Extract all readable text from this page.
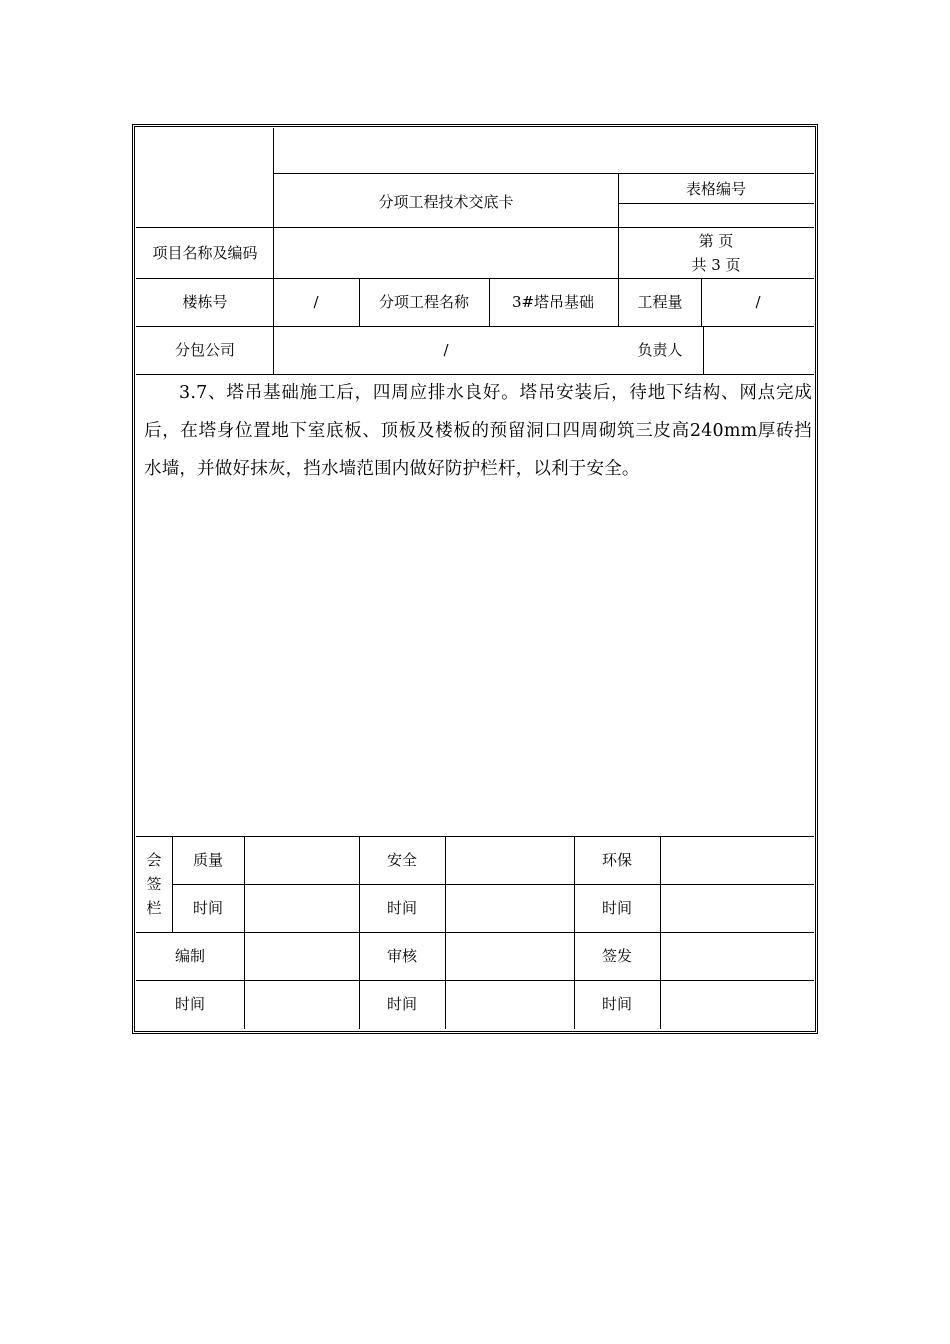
分项工程技术交底卡
表格编号
项目名称及编码
第 页
共 3 页
楼栋号	/	分项工程名称	3#塔吊基础	工程量	/
分包公司	/	负责人
3.7、塔吊基础施工后，四周应排水良好。塔吊安装后，待地下结构、网点完成后，在塔身位置地下室底板、顶板及楼板的预留洞口四周砌筑三皮高240mm厚砖挡水墙，并做好抹灰，挡水墙范围内做好防护栏杆，以利于安全。
会签栏
质量	安全	环保
时间	时间	时间
编制	审核	签发
时间	时间	时间
